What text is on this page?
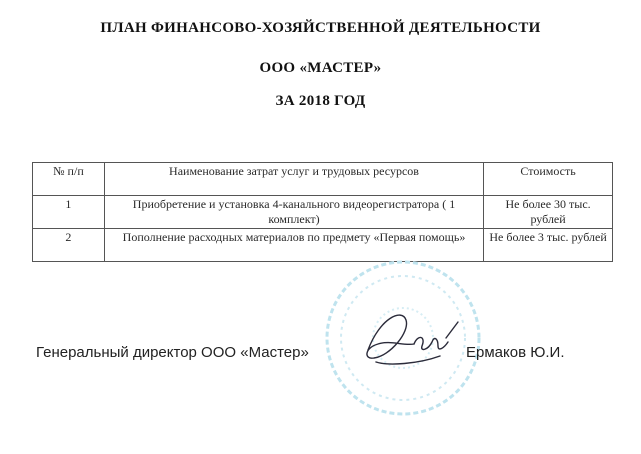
ПЛАН ФИНАНСОВО-ХОЗЯЙСТВЕННОЙ ДЕЯТЕЛЬНОСТИ
ООО «МАСТЕР»
ЗА 2018 ГОД
№ п/п	Наименование затрат услуг и трудовых ресурсов	Стоимость
1	Приобретение и установка 4-канального видеорегистратора ( 1 комплект)	Не более 30 тыс. рублей
2	Пополнение расходных материалов по предмету «Первая помощь»	Не более 3 тыс. рублей
Генеральный директор ООО «Мастер»	Ермаков Ю.И.
